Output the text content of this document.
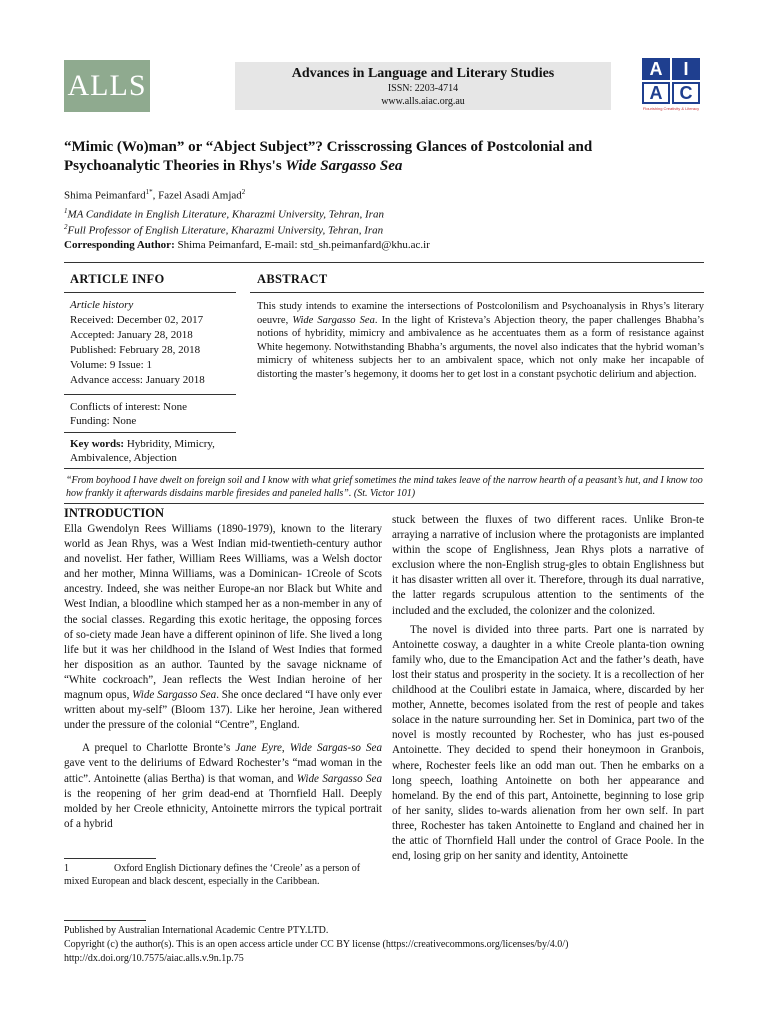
ALLS	Advances in Language and Literary Studies
ISSN: 2203-4714
www.alls.aiac.org.au
A	I
A C
Flourishing Creativity & Literacy
“Mimic (Wo)man” or “Abject Subject”? Crisscrossing Glances of Postcolonial and
Psychoanalytic Theories in Rhys's Wide Sargasso Sea
Shima Peimanfard$^{1*}$, Fazel Asadi Amjad$^2$
$^1$MA Candidate in English Literature, Kharazmi University, Tehran, Iran
$^2$Full Professor of English Literature, Kharazmi University, Tehran, Iran
Corresponding Author: Shima Peimanfard, E-mail: std_sh.peimanfard@khu.ac.ir
ARTICLE INFO
Article history
Received: December 02, 2017
Accepted: January 28, 2018
Published: February 28, 2018
Volume: 9 Issue: 1
Advance access: January 2018
Conflicts of interest: None
Funding: None
Key words: Hybridity, Mimicry, Ambivalence, Abjection
ABSTRACT
This study intends to examine the intersections of Postcolonilism and Psychoanalysis in Rhys’s literary oeuvre, Wide Sargasso Sea. In the light of Kristeva’s Abjection theory, the paper challenges Bhabha’s notions of hybridity, mimicry and ambivalence as he accentuates them as a form of resistance against White hegemony. Notwithstanding Bhabha’s arguments, the novel also indicates that the hybrid woman’s mimicry of whiteness subjects her to an ambivalent space, which not only make her incapable of distorting the master’s hegemony, it dooms her to get lost in a constant psychotic delirium and abjection.
“From boyhood I have dwelt on foreign soil and I know with what grief sometimes the mind takes leave of the narrow hearth of a peasant’s hut, and I know too how frankly it afterwards disdains marble firesides and paneled halls”. (St. Victor 101)
INTRODUCTION

Ella Gwendolyn Rees Williams (1890-1979), known to the literary world as Jean Rhys, was a West Indian mid-twentieth-century author and novelist. Her father, William Rees Williams, was a Welsh doctor and her mother, Minna Williams, was a Dominican- 1Creole of Scots ancestry. Indeed, she was neither Europe-an nor Black but White and West Indian, a bloodline which stamped her as a non-member in any of the social classes. Regarding this exotic heritage, the opposing forces of so-ciety made Jean have a different opininon of life. She lived a long life but it was her childhood in the Island of West Indies that formed her disposition as an author. Taunted by the savage nickname of “White cockroach”, Jean reflects the West Indian heroine of her magnum opus, Wide Sargasso Sea. She once declared “I have only ever written about my-self” (Bloom 137). Like her heroine, Jean withered under the pressure of the colonial “Centre”, England.

A prequel to Charlotte Bronte’s Jane Eyre, Wide Sargas-so Sea gave vent to the deliriums of Edward Rochester’s “mad woman in the attic”. Antoinette (alias Bertha) is that woman, and Wide Sargasso Sea is the reopening of her grim dead-end at Thornfield Hall. Deeply molded by her Creole ethnicity, Antoinette mirrors the typical portrait of a hybrid

1	Oxford English Dictionary defines the ‘Creole’ as a person of mixed European and black descent, especially in the Caribbean.

stuck between the fluxes of two different races. Unlike Bron-te arraying a narrative of inclusion where the protagonists are implanted within the scope of Englishness, Jean Rhys plots a narrative of exclusion where the non-English strug-gles to obtain Englishness but it has disaster written all over it. Therefore, through its dual narrative, the latter regards scrupulous attention to the sentiments of the included and the excluded, the colonizer and the colonized.

The novel is divided into three parts. Part one is narrated by Antoinette cosway, a daughter in a white Creole planta-tion owning family who, due to the Emancipation Act and the father’s death, have lost their status and prosperity in the society. It is a recollection of her childhood at the Coulibri estate in Jamaica, where, discarded by her mother, Annette, becomes isolated from the rest of people and takes solace in the nature surrounding her. Set in Dominica, part two of the novel is mostly recounted by Rochester, who has just es-poused Antoinette. They decided to spend their honeymoon in Granbois, where, Rochester feels like an odd man out. Then he embarks on a long speech, loathing Antoinette on both her appearance and homeland. By the end of this part, Antoinette, beginning to lose grip of her sanity, slides to-wards alienation from her own self. In part three, Rochester has taken Antoinette to England and chained her in the attic of Thornfield Hall under the control of Grace Poole. In the end, losing grip on her sanity and identity, Antoinette

Published by Australian International Academic Centre PTY.LTD.
Copyright (c) the author(s). This is an open access article under CC BY license (https://creativecommons.org/licenses/by/4.0/)
http://dx.doi.org/10.7575/aiac.alls.v.9n.1p.75
